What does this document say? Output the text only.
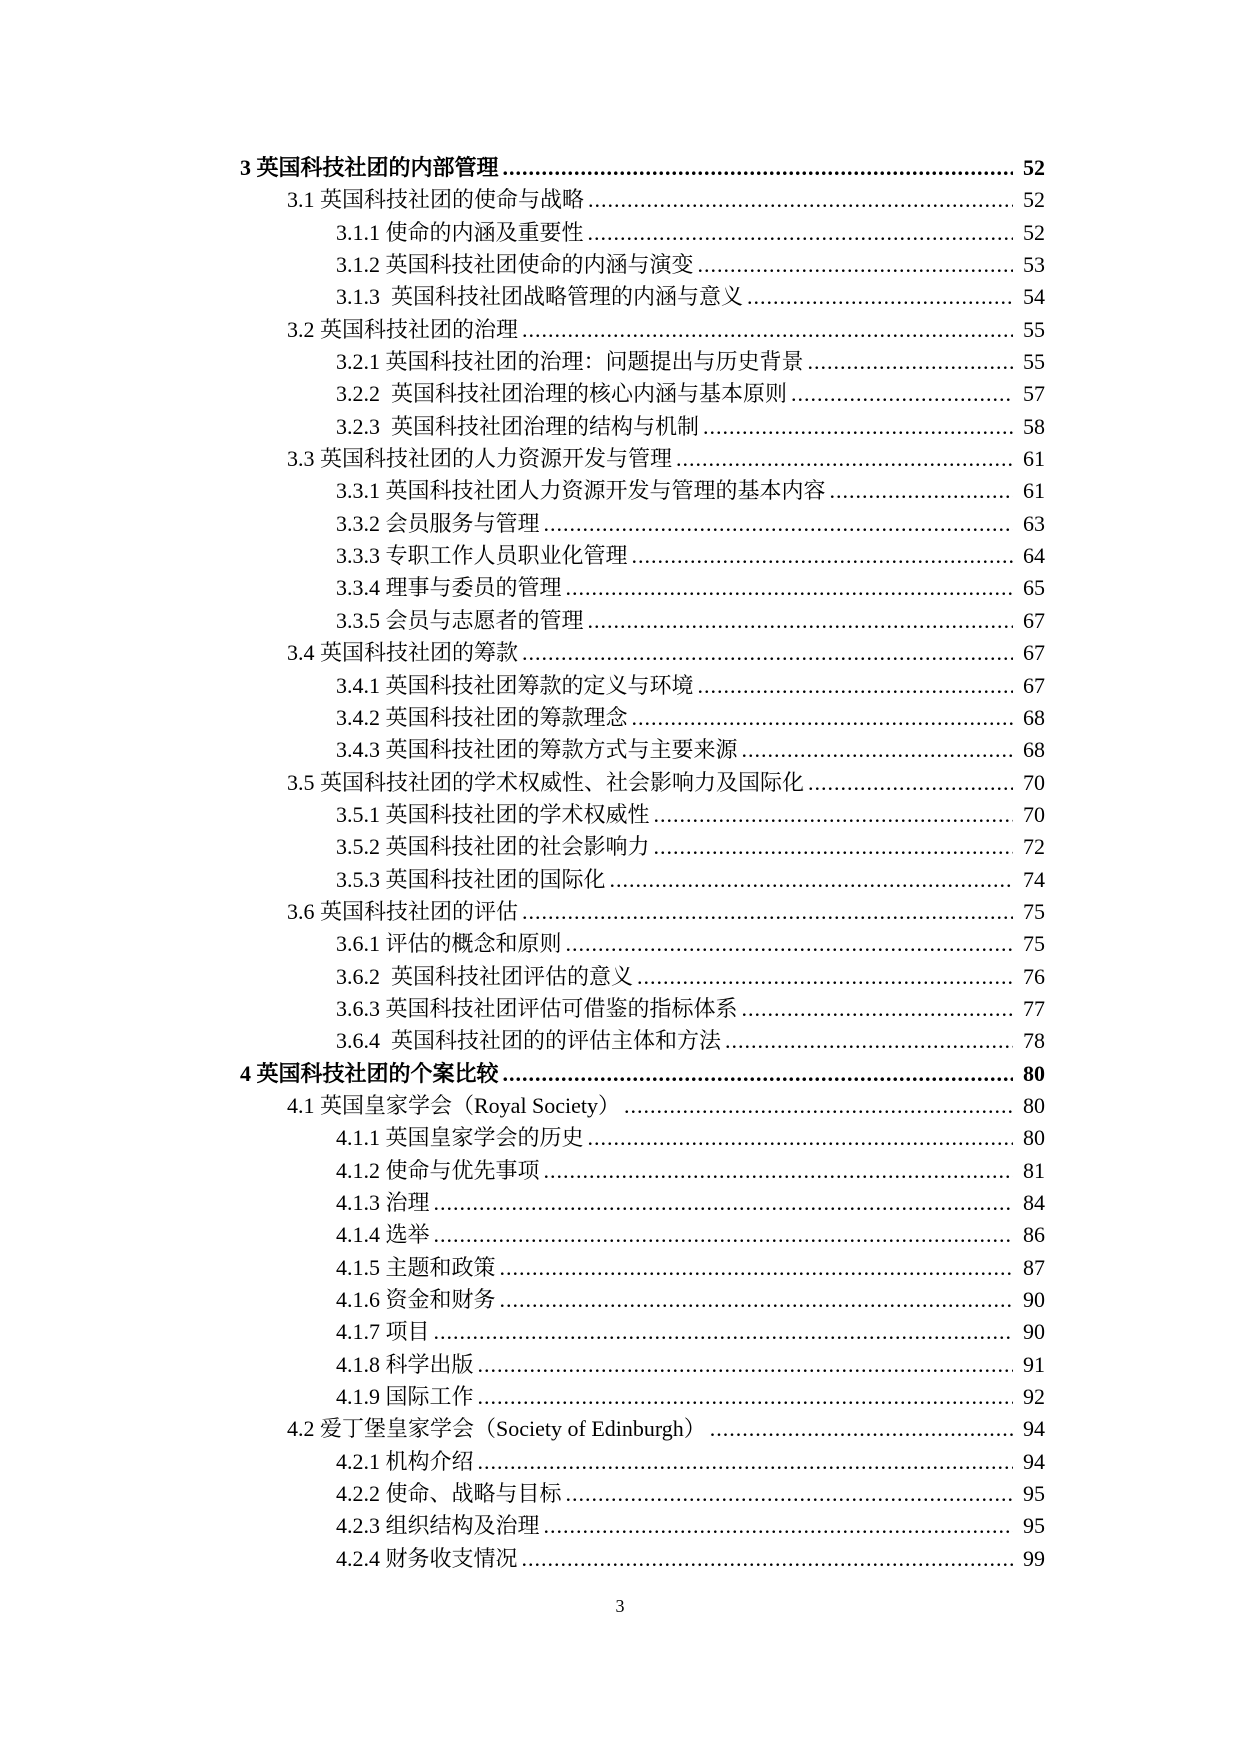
3 英国科技社团的内部管理 .....	52
3.1 英国科技社团的使命与战略 .....	52
3.1.1 使命的内涵及重要性 .....	52
3.1.2 英国科技社团使命的内涵与演变 .....	53
3.1.3  英国科技社团战略管理的内涵与意义 .....	54
3.2 英国科技社团的治理 .....	55
3.2.1 英国科技社团的治理：问题提出与历史背景 .....	55
3.2.2  英国科技社团治理的核心内涵与基本原则 .....	57
3.2.3  英国科技社团治理的结构与机制 .....	58
3.3 英国科技社团的人力资源开发与管理 .....	61
3.3.1 英国科技社团人力资源开发与管理的基本内容 .....	61
3.3.2 会员服务与管理 .....	63
3.3.3 专职工作人员职业化管理 .....	64
3.3.4 理事与委员的管理 .....	65
3.3.5 会员与志愿者的管理 .....	67
3.4 英国科技社团的筹款 .....	67
3.4.1 英国科技社团筹款的定义与环境 .....	67
3.4.2 英国科技社团的筹款理念 .....	68
3.4.3 英国科技社团的筹款方式与主要来源 .....	68
3.5 英国科技社团的学术权威性、社会影响力及国际化 .....	70
3.5.1 英国科技社团的学术权威性 .....	70
3.5.2 英国科技社团的社会影响力 .....	72
3.5.3 英国科技社团的国际化 .....	74
3.6 英国科技社团的评估 .....	75
3.6.1 评估的概念和原则 .....	75
3.6.2  英国科技社团评估的意义 .....	76
3.6.3 英国科技社团评估可借鉴的指标体系 .....	77
3.6.4  英国科技社团的的评估主体和方法 .....	78
4 英国科技社团的个案比较 .....	80
4.1 英国皇家学会（Royal Society） .....	80
4.1.1 英国皇家学会的历史 .....	80
4.1.2 使命与优先事项 .....	81
4.1.3 治理 .....	84
4.1.4 选举 .....	86
4.1.5 主题和政策 .....	87
4.1.6 资金和财务 .....	90
4.1.7 项目 .....	90
4.1.8 科学出版 .....	91
4.1.9 国际工作 .....	92
4.2 爱丁堡皇家学会（Society of Edinburgh） .....	94
4.2.1 机构介绍 .....	94
4.2.2 使命、战略与目标 .....	95
4.2.3 组织结构及治理 .....	95
4.2.4 财务收支情况 .....	99
3
